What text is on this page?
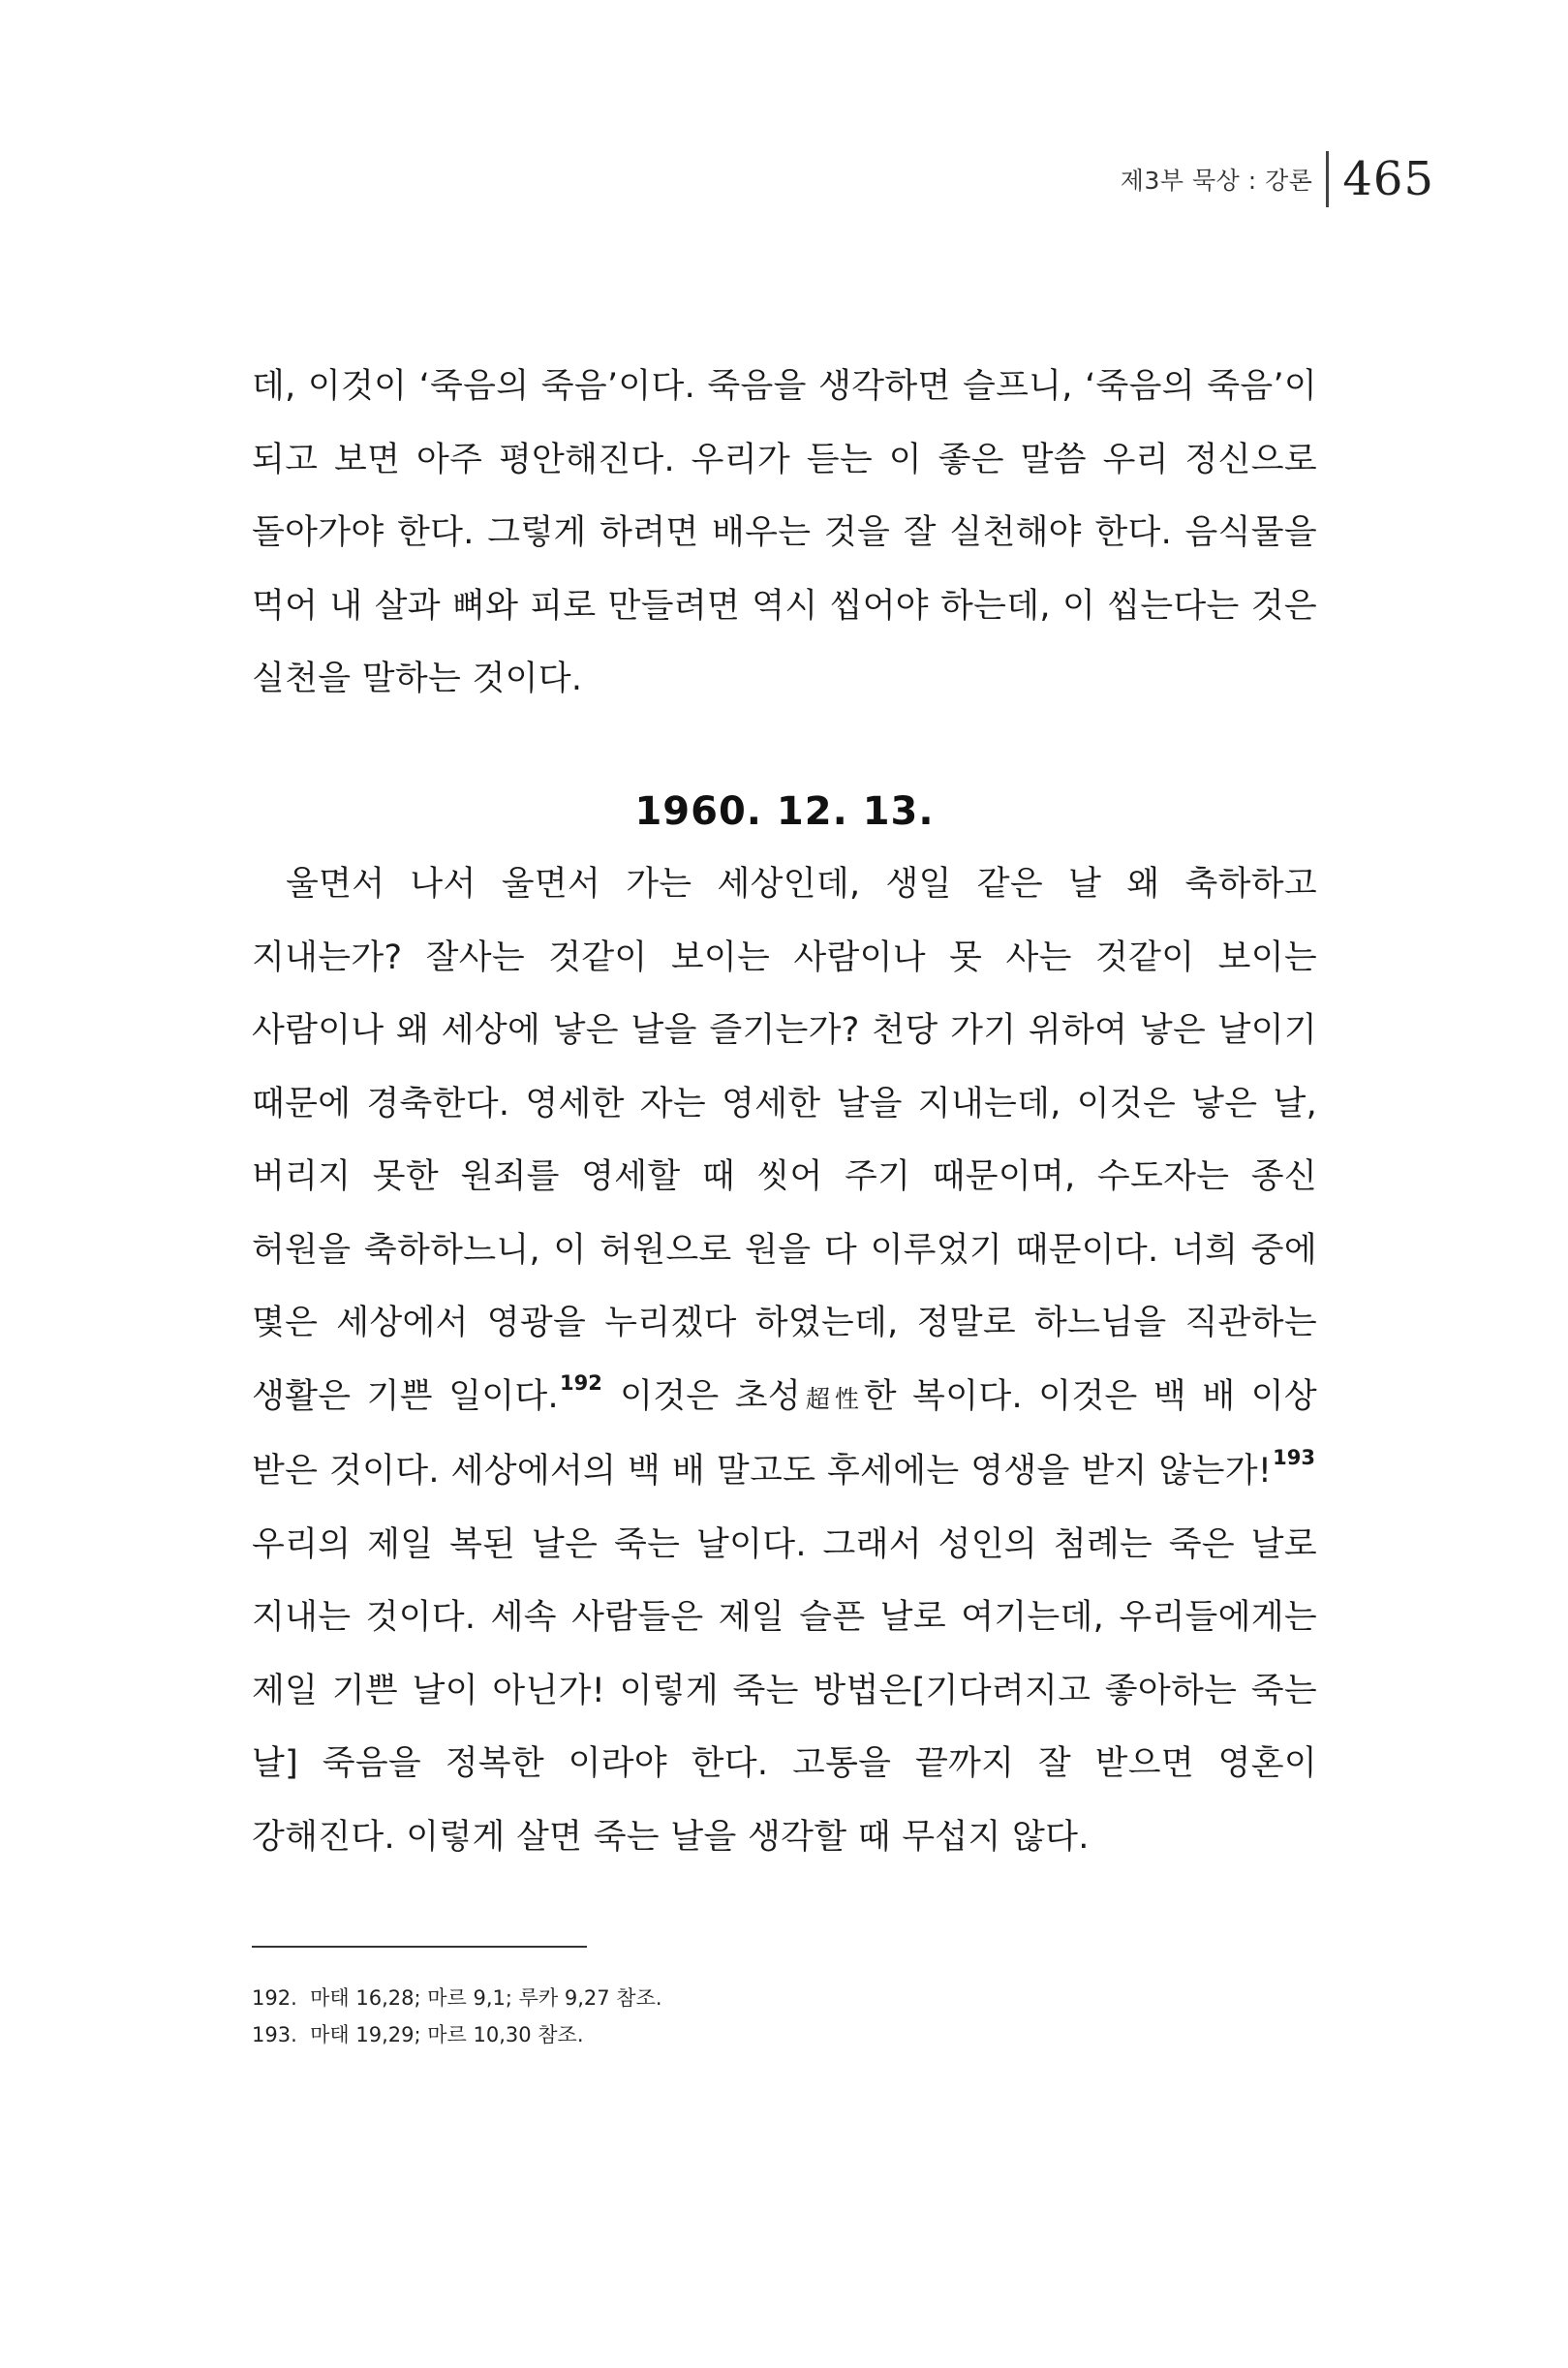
제3부 묵상 : 강론 465

데, 이것이 ‘죽음의 죽음’이다. 죽음을 생각하면 슬프니, ‘죽음의 죽음’이 되고 보면 아주 평안해진다. 우리가 듣는 이 좋은 말씀 우리 정신으로 돌아가야 한다. 그렇게 하려면 배우는 것을 잘 실천해야 한다. 음식물을 먹어 내 살과 뼈와 피로 만들려면 역시 씹어야 하는데, 이 씹는다는 것은 실천을 말하는 것이다.

1960. 12. 13.

울면서 나서 울면서 가는 세상인데, 생일 같은 날 왜 축하하고 지내는가? 잘사는 것같이 보이는 사람이나 못 사는 것같이 보이는 사람이나 왜 세상에 낳은 날을 즐기는가? 천당 가기 위하여 낳은 날이기 때문에 경축한다. 영세한 자는 영세한 날을 지내는데, 이것은 낳은 날, 버리지 못한 원죄를 영세할 때 씻어 주기 때문이며, 수도자는 종신 허원을 축하하느니, 이 허원으로 원을 다 이루었기 때문이다. 너희 중에 몇은 세상에서 영광을 누리겠다 하였는데, 정말로 하느님을 직관하는 생활은 기쁜 일이다.$^{192}$ 이것은 초성超性한 복이다. 이것은 백 배 이상 받은 것이다. 세상에서의 백 배 말고도 후세에는 영생을 받지 않는가!$^{193}$ 우리의 제일 복된 날은 죽는 날이다. 그래서 성인의 첨례는 죽은 날로 지내는 것이다. 세속 사람들은 제일 슬픈 날로 여기는데, 우리들에게는 제일 기쁜 날이 아닌가! 이렇게 죽는 방법은[기다려지고 좋아하는 죽는 날] 죽음을 정복한 이라야 한다. 고통을 끝까지 잘 받으면 영혼이 강해진다. 이렇게 살면 죽는 날을 생각할 때 무섭지 않다.

192.  마태 16,28; 마르 9,1; 루카 9,27 참조.
193.  마태 19,29; 마르 10,30 참조.
